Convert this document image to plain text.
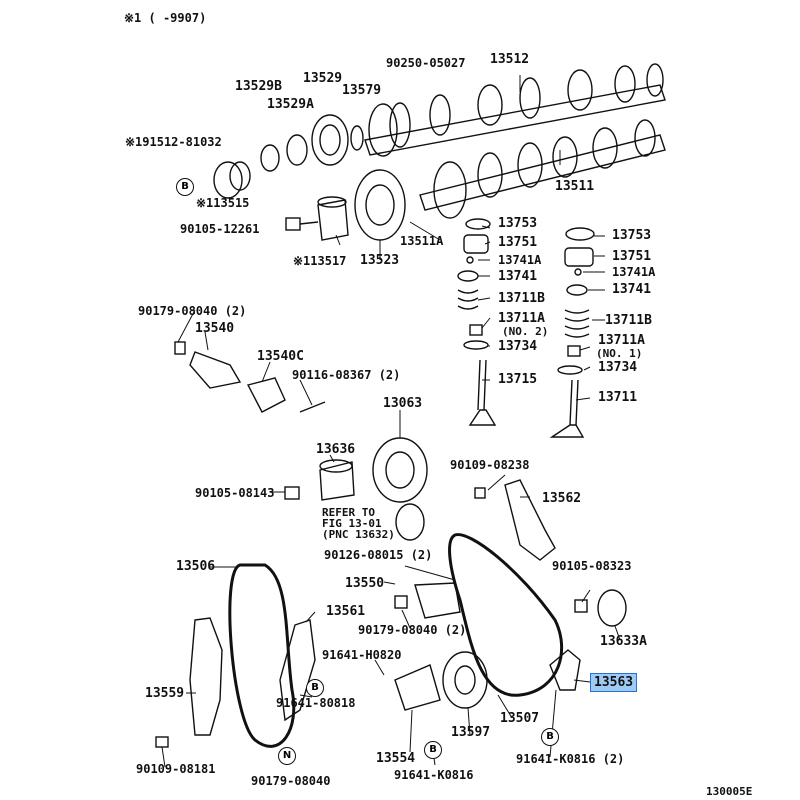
※1 ( -9907)
130005E
B
B
B
B
N
90250-05027 13512
13529B
13529
13529A
13579
※191512-81032
※113515
13511
90105-12261
※113517 13523
13511A
13753
13751
13741A
13741
13711B
13711A
(NO. 2)
13734
13715
13753
13751
13741A
13741
13711B
13711A
(NO. 1)
13734
13711
90179-08040 (2)
13540
13540C
90116-08367 (2)
13063
13636
90109-08238
90105-08143	13562
REFER TO
FIG 13-01
(PNC 13632)
90126-08015 (2)
13506	90105-08323
13550
13561
90179-08040 (2)
13633A
91641-H0820
13563
13559
91641-80818
13507
13597
13554
90109-08181
90179-08040	91641-K0816
91641-K0816 (2)
